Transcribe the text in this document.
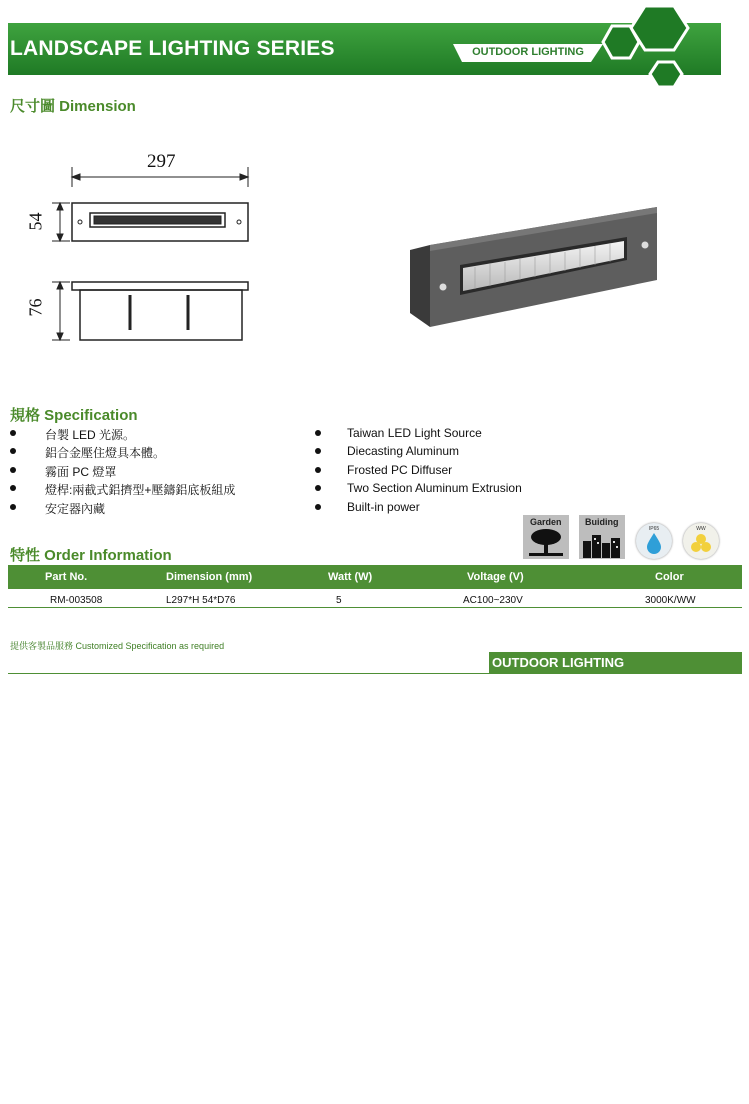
LANDSCAPE LIGHTING SERIES	OUTDOOR LIGHTING
尺寸圖 Dimension
297
54
76
規格 Specification
台製 LED 光源。
鋁合金壓住燈具本體。
霧面 PC 燈罩
燈桿:兩截式鋁擠型+壓鑄鋁底板組成
安定器內藏
Taiwan LED Light Source
Diecasting Aluminum
Frosted PC Diffuser
Two Section Aluminum Extrusion
Built-in power
Garden	Buiding
IP65	WW
特性 Order Information
Part No.	Dimension (mm)	Watt (W)	Voltage (V)	Color
RM-003508	L297*H 54*D76	5	AC100~230V	3000K/WW
提供客製品服務 Customized Specification as required
OUTDOOR LIGHTING
